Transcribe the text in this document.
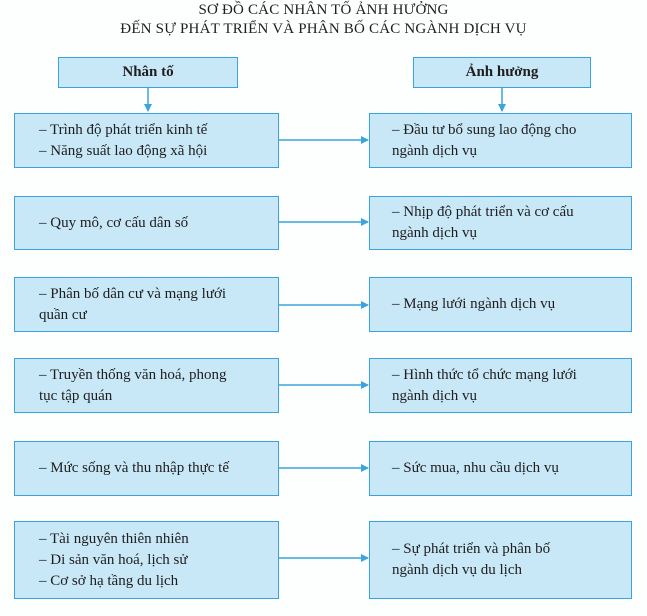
SƠ ĐỒ CÁC NHÂN TỐ ẢNH HƯỞNG
ĐẾN SỰ PHÁT TRIỂN VÀ PHÂN BỐ CÁC NGÀNH DỊCH VỤ
Nhân tố	Ảnh hưởng
– Trình độ phát triển kinh tế
– Năng suất lao động xã hội
– Đầu tư bổ sung lao động cho
ngành dịch vụ
– Quy mô, cơ cấu dân số
– Nhịp độ phát triển và cơ cấu
ngành dịch vụ
– Phân bố dân cư và mạng lưới
quần cư
– Mạng lưới ngành dịch vụ
– Truyền thống văn hoá, phong
tục tập quán
– Hình thức tổ chức mạng lưới
ngành dịch vụ
– Mức sống và thu nhập thực tế	– Sức mua, nhu cầu dịch vụ
– Tài nguyên thiên nhiên
– Di sản văn hoá, lịch sử
– Cơ sở hạ tầng du lịch
– Sự phát triển và phân bố
ngành dịch vụ du lịch
